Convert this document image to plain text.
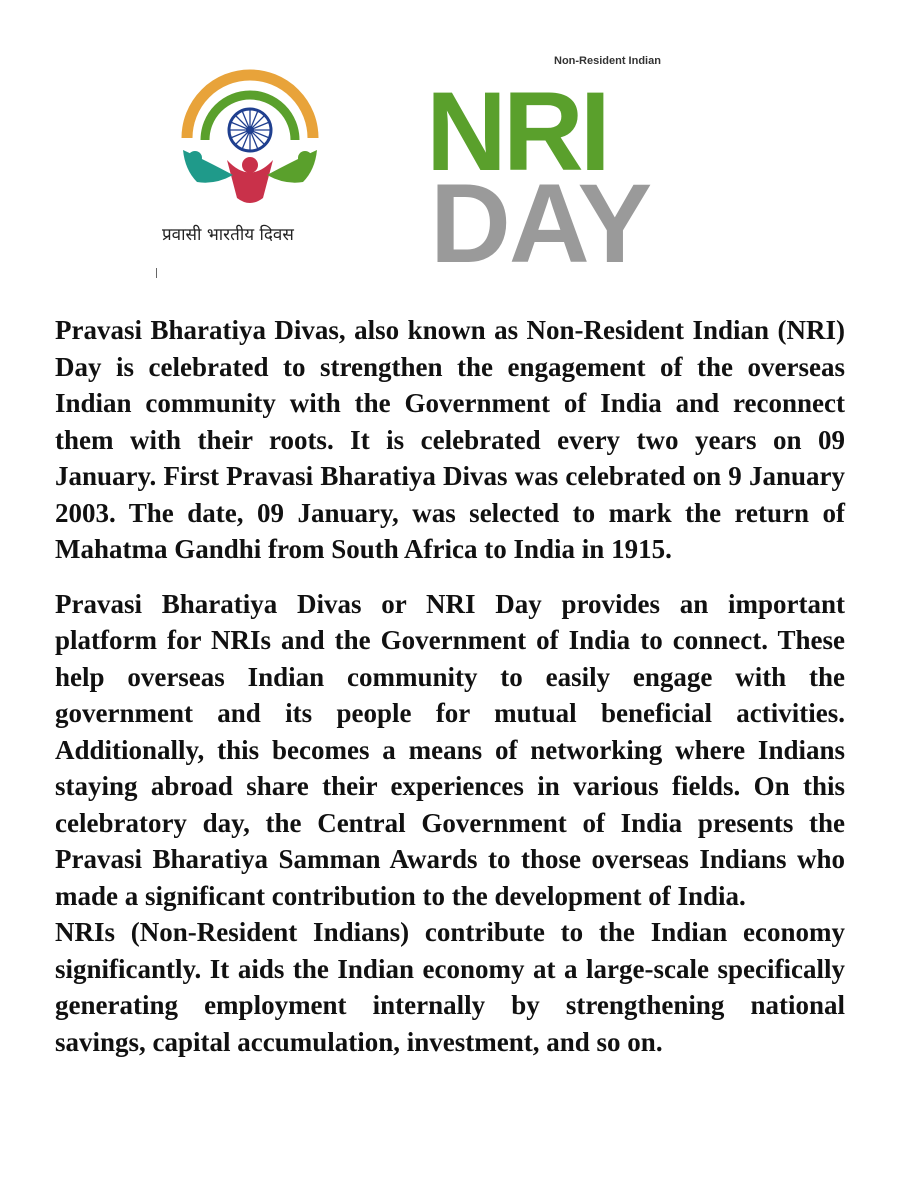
प्रवासी भारतीय दिवस
Non-Resident Indian
NRI
DAY

Pravasi Bharatiya Divas, also known as Non-Resident Indian (NRI) Day is celebrated to strengthen the engagement of the overseas Indian community with the Government of India and reconnect them with their roots. It is celebrated every two years on 09 January. First Pravasi Bharatiya Divas was celebrated on 9 January 2003. The date, 09 January, was selected to mark the return of Mahatma Gandhi from South Africa to India in 1915.

Pravasi Bharatiya Divas or NRI Day provides an important platform for NRIs and the Government of India to connect. These help overseas Indian community to easily engage with the government and its people for mutual beneficial activities. Additionally, this becomes a means of networking where Indians staying abroad share their experiences in various fields. On this celebratory day, the Central Government of India presents the Pravasi Bharatiya Samman Awards to those overseas Indians who made a significant contribution to the development of India.

NRIs (Non-Resident Indians) contribute to the Indian economy significantly. It aids the Indian economy at a large-scale specifically generating employment internally by strengthening national savings, capital accumulation, investment, and so on.
